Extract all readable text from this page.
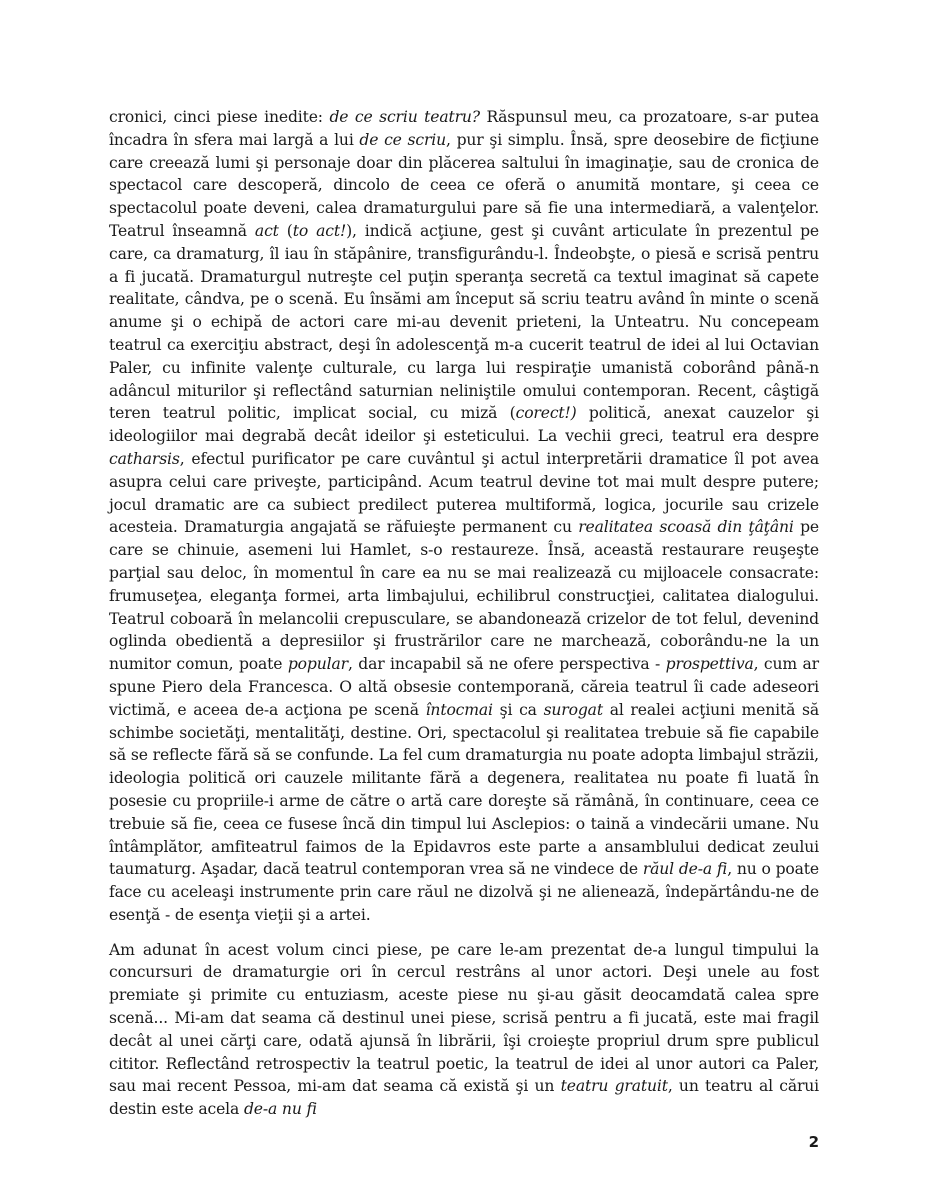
cronici, cinci piese inedite: de ce scriu teatru? Răspunsul meu, ca prozatoare, s-ar putea încadra în sfera mai largă a lui de ce scriu, pur şi simplu. Însă, spre deosebire de ficţiune care creează lumi şi personaje doar din plăcerea saltului în imaginaţie, sau de cronica de spectacol care descoperă, dincolo de ceea ce oferă o anumită montare, şi ceea ce spectacolul poate deveni, calea dramaturgului pare să fie una intermediară, a valenţelor. Teatrul înseamnă act (to act!), indică acţiune, gest şi cuvânt articulate în prezentul pe care, ca dramaturg, îl iau în stăpânire, transfigurându-l. Îndeobşte, o piesă e scrisă pentru a fi jucată. Dramaturgul nutreşte cel puţin speranţa secretă ca textul imaginat să capete realitate, cândva, pe o scenă. Eu însămi am început să scriu teatru având în minte o scenă anume şi o echipă de actori care mi-au devenit prieteni, la Unteatru. Nu concepeam teatrul ca exerciţiu abstract, deşi în adolescenţă m-a cucerit teatrul de idei al lui Octavian Paler, cu infinite valenţe culturale, cu larga lui respiraţie umanistă coborând până-n adâncul miturilor şi reflectând saturnian neliniştile omului contemporan. Recent, câştigă teren teatrul politic, implicat social, cu miză (corect!) politică, anexat cauzelor şi ideologiilor mai degrabă decât ideilor şi esteticului. La vechii greci, teatrul era despre catharsis, efectul purificator pe care cuvântul şi actul interpretării dramatice îl pot avea asupra celui care priveşte, participând. Acum teatrul devine tot mai mult despre putere; jocul dramatic are ca subiect predilect puterea multiformă, logica, jocurile sau crizele acesteia. Dramaturgia angajată se răfuieşte permanent cu realitatea scoasă din ţâţâni pe care se chinuie, asemeni lui Hamlet, s-o restaureze. Însă, această restaurare reuşeşte parţial sau deloc, în momentul în care ea nu se mai realizează cu mijloacele consacrate: frumuseţea, eleganţa formei, arta limbajului, echilibrul construcţiei, calitatea dialogului. Teatrul coboară în melancolii crepusculare, se abandonează crizelor de tot felul, devenind oglinda obedientă a depresiilor şi frustrărilor care ne marchează, coborându-ne la un numitor comun, poate popular, dar incapabil să ne ofere perspectiva - prospettiva, cum ar spune Piero dela Francesca. O altă obsesie contemporană, căreia teatrul îi cade adeseori victimă, e aceea de-a acţiona pe scenă întocmai şi ca surogat al realei acţiuni menită să schimbe societăţi, mentalităţi, destine. Ori, spectacolul şi realitatea trebuie să fie capabile să se reflecte fără să se confunde. La fel cum dramaturgia nu poate adopta limbajul străzii, ideologia politică ori cauzele militante fără a degenera, realitatea nu poate fi luată în posesie cu propriile-i arme de către o artă care doreşte să rămână, în continuare, ceea ce trebuie să fie, ceea ce fusese încă din timpul lui Asclepios: o taină a vindecării umane. Nu întâmplător, amfiteatrul faimos de la Epidavros este parte a ansamblului dedicat zeului taumaturg. Aşadar, dacă teatrul contemporan vrea să ne vindece de răul de-a fi, nu o poate face cu aceleaşi instrumente prin care răul ne dizolvă şi ne alienează, îndepărtându-ne de esenţă - de esenţa vieţii şi a artei.

Am adunat în acest volum cinci piese, pe care le-am prezentat de-a lungul timpului la concursuri de dramaturgie ori în cercul restrâns al unor actori. Deşi unele au fost premiate şi primite cu entuziasm, aceste piese nu şi-au găsit deocamdată calea spre scenă... Mi-am dat seama că destinul unei piese, scrisă pentru a fi jucată, este mai fragil decât al unei cărţi care, odată ajunsă în librării, îşi croieşte propriul drum spre publicul cititor. Reflectând retrospectiv la teatrul poetic, la teatrul de idei al unor autori ca Paler, sau mai recent Pessoa, mi-am dat seama că există şi un teatru gratuit, un teatru al cărui destin este acela de-a nu fi

2
